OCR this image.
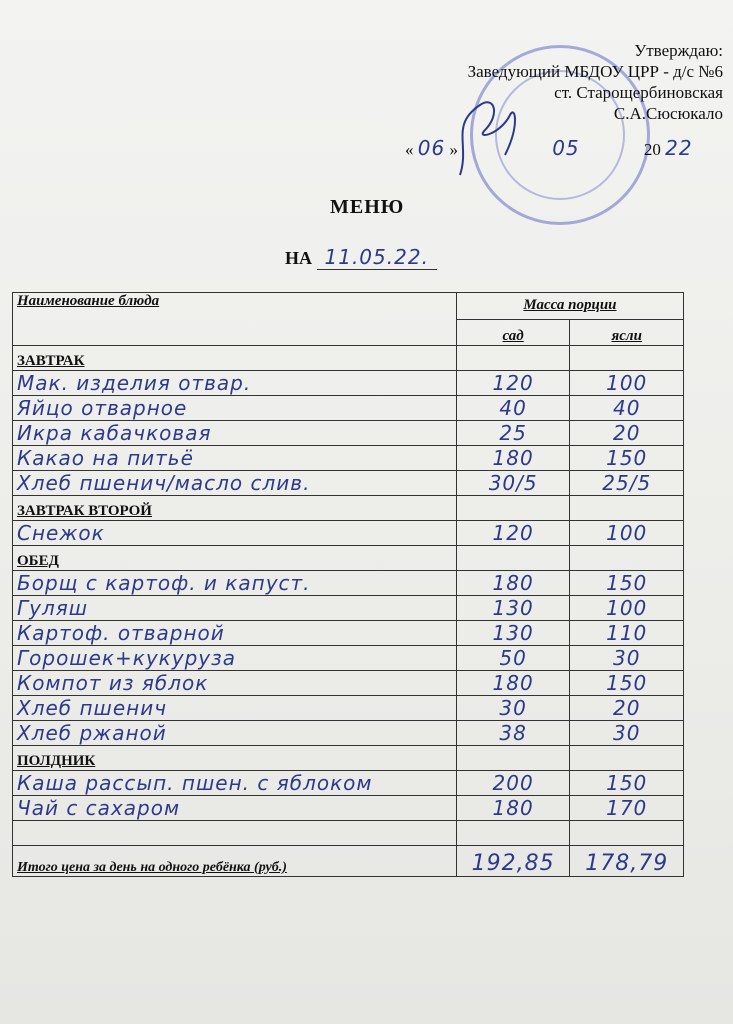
Утверждаю:
Заведующий МБДОУ ЦРР - д/с №6
ст. Старощербиновская
С.А.Сюсюкало
« 06 »	05	20 22
МЕНЮ
НА 11.05.22.
Наименование блюда	Масса порции	
	сад	ясли
ЗАВТРАК		
Мак. изделия отвар.	120	100
Яйцо отварное	40	40
Икра кабачковая	25	20
Какао на питьё	180	150
Хлеб пшенич/масло слив.	30/5	25/5
ЗАВТРАК ВТОРОЙ		
Снежок	120	100
ОБЕД		
Борщ с картоф. и капуст.	180	150
Гуляш	130	100
Картоф. отварной	130	110
Горошек+кукуруза	50	30
Компот из яблок	180	150
Хлеб пшенич	30	20
Хлеб ржаной	38	30
ПОЛДНИК		
Каша рассып. пшен. с яблоком	200	150
Чай с сахаром	180	170

Итого цена за день на одного ребёнка (руб.)	192,85	178,79
